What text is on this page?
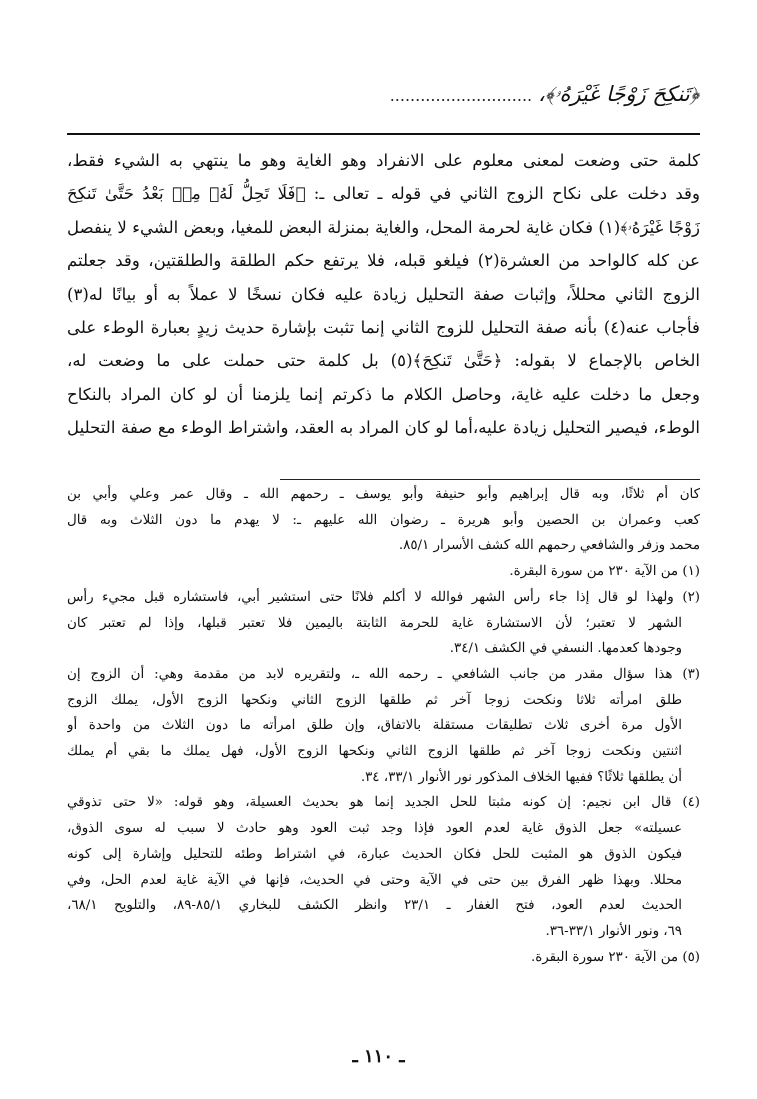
﴿تَنكِحَ زَوْجًا غَيْرَهُۥ﴾،............................
كلمة حتى وضعت لمعنى معلوم على الانفراد وهو الغاية وهو ما ينتهي به الشيء فقط،
وقد دخلت على نكاح الزوج الثاني في قوله ـ تعالى ـ: ﴿فَلَا تَحِلُّ لَهُۥ مِنۢ بَعْدُ حَتَّىٰ تَنكِحَ
زَوْجًا غَيْرَهُۥ﴾(١) فكان غاية لحرمة المحل، والغاية بمنزلة البعض للمغيا، وبعض الشيء لا ينفصل
عن كله كالواحد من العشرة(٢) فيلغو قبله، فلا يرتفع حكم الطلقة والطلقتين، وقد جعلتم
الزوج الثاني محللاً، وإثبات صفة التحليل زيادة عليه فكان نسخًا لا عملاً به أو بيانًا له(٣)
فأجاب عنه(٤) بأنه صفة التحليل للزوج الثاني إنما تثبت بإشارة حديث زيدٍ بعبارة الوطء على
الخاص بالإجماع لا بقوله: ﴿حَتَّىٰ تَنكِحَ﴾(٥) بل كلمة حتى حملت على ما وضعت له،
وجعل ما دخلت عليه غاية، وحاصل الكلام ما ذكرتم إنما يلزمنا أن لو كان المراد بالنكاح
الوطء، فيصير التحليل زيادة عليه،أما لو كان المراد به العقد، واشتراط الوطء مع صفة التحليل
كان أم ثلاثًا، وبه قال إبراهيم وأبو حنيفة وأبو يوسف ـ رحمهم الله ـ وقال عمر وعلي وأبي بن
كعب وعمران بن الحصين وأبو هريرة ـ رضوان الله عليهم ـ: لا يهدم ما دون الثلاث وبه قال
محمد وزفر والشافعي رحمهم الله كشف الأسرار ٨٥/١.
(١) من الآية ٢٣٠ من سورة البقرة.
(٢) ولهذا لو قال إذا جاء رأس الشهر فوالله لا أكلم فلانًا حتى استشير أبي، فاستشاره قبل مجيء رأس
الشهر لا تعتبر؛ لأن الاستشارة غاية للحرمة الثابتة باليمين فلا تعتبر قبلها، وإذا لم تعتبر كان
وجودها كعدمها. النسفي في الكشف ٣٤/١.
(٣) هذا سؤال مقدر من جانب الشافعي ـ رحمه الله ـ، ولتقريره لابد من مقدمة وهي: أن الزوج إن
طلق امرأته ثلاثا ونكحت زوجا آخر ثم طلقها الزوج الثاني ونكحها الزوج الأول، يملك الزوج
الأول مرة أخرى ثلاث تطليقات مستقلة بالاتفاق، وإن طلق امرأته ما دون الثلاث من واحدة أو
اثنتين ونكحت زوجا آخر ثم طلقها الزوج الثاني ونكحها الزوج الأول، فهل يملك ما بقي أم يملك
أن يطلقها ثلاثًا؟ ففيها الخلاف المذكور نور الأنوار ٣٣/١، ٣٤.
(٤) قال ابن نجيم: إن كونه مثبتا للحل الجديد إنما هو بحديث العسيلة، وهو قوله: «لا حتى تذوقي
عسيلته» جعل الذوق غاية لعدم العود فإذا وجد ثبت العود وهو حادث لا سبب له سوى الذوق،
فيكون الذوق هو المثبت للحل فكان الحديث عبارة، في اشتراط وطئه للتحليل وإشارة إلى كونه
محللا. وبهذا ظهر الفرق بين حتى في الآية وحتى في الحديث، فإنها في الآية غاية لعدم الحل، وفي
الحديث لعدم العود، فتح الغفار ـ ٢٣/١ وانظر الكشف للبخاري ٨٥/١-٨٩، والتلويح ٦٨/١،
٦٩، ونور الأنوار ٣٣/١-٣٦.
(٥) من الآية ٢٣٠ سورة البقرة.
ـ ١١٠ ـ
